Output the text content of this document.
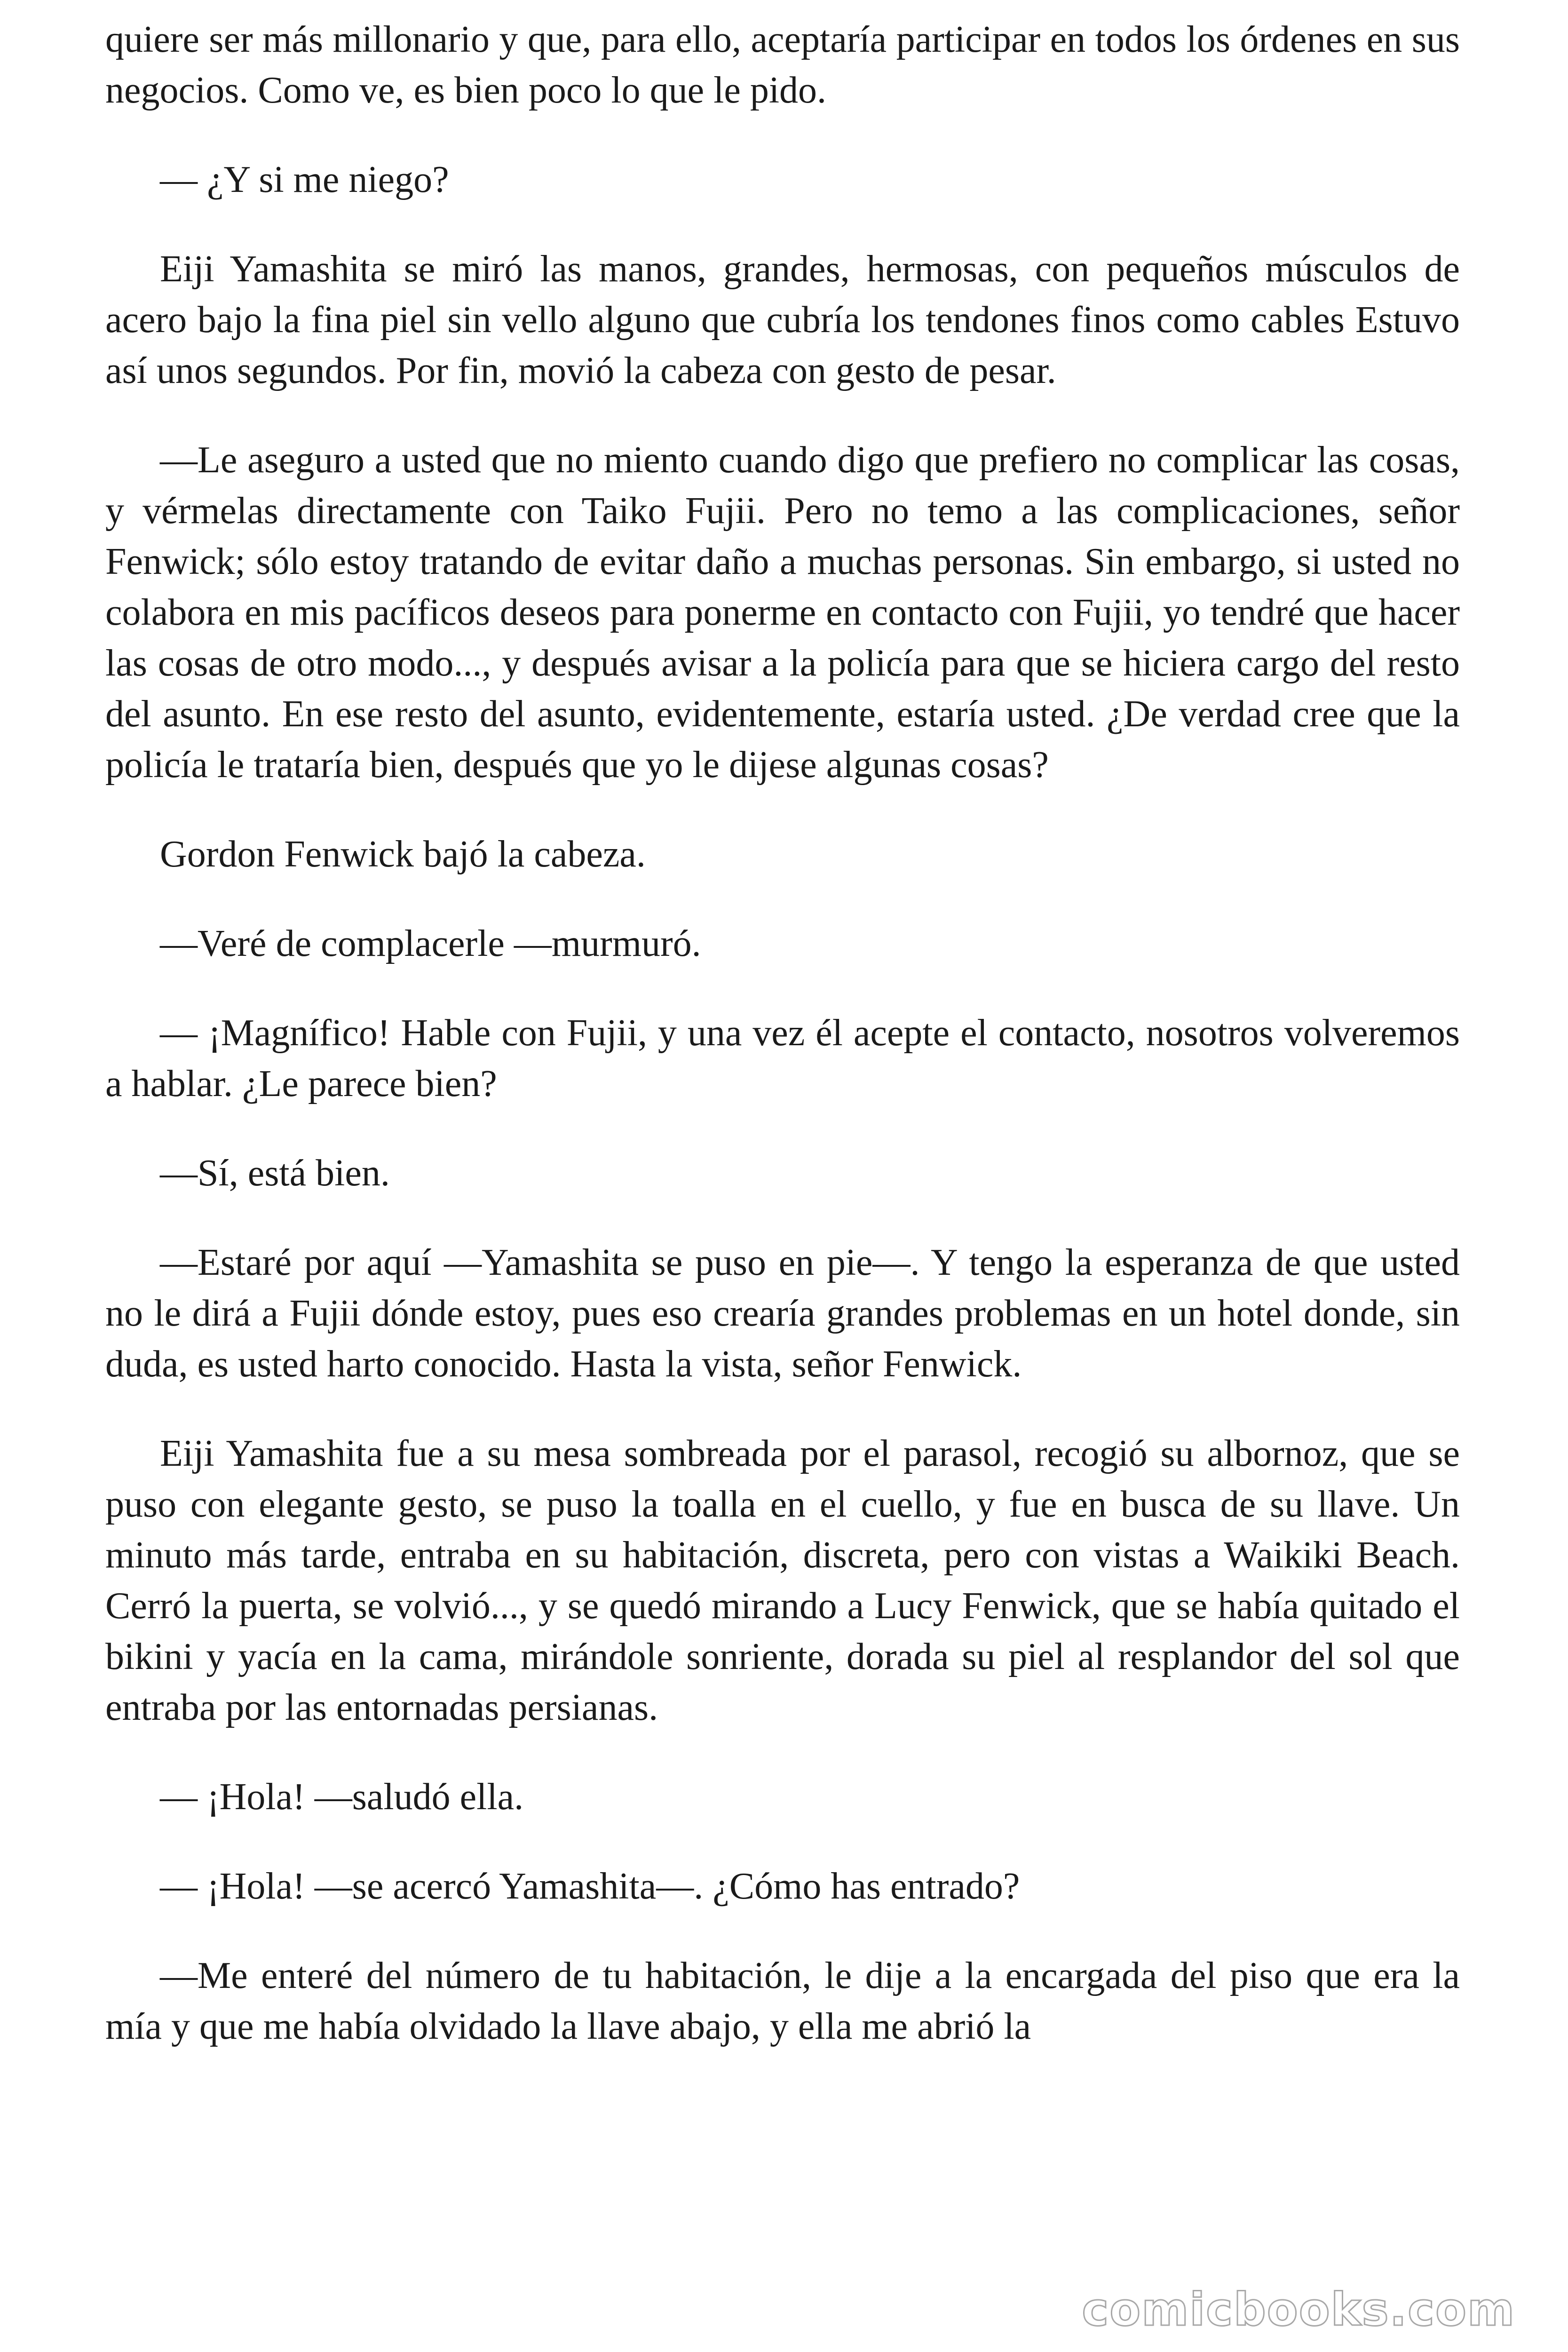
quiere ser más millonario y que, para ello, aceptaría participar en todos los órdenes en sus negocios. Como ve, es bien poco lo que le pido.

— ¿Y si me niego?

Eiji Yamashita se miró las manos, grandes, hermosas, con pequeños músculos de acero bajo la fina piel sin vello alguno que cubría los tendones finos como cables Estuvo así unos segundos. Por fin, movió la cabeza con gesto de pesar.

—Le aseguro a usted que no miento cuando digo que prefiero no complicar las cosas, y vérmelas directamente con Taiko Fujii. Pero no temo a las complicaciones, señor Fenwick; sólo estoy tratando de evitar daño a muchas personas. Sin embargo, si usted no colabora en mis pacíficos deseos para ponerme en contacto con Fujii, yo tendré que hacer las cosas de otro modo..., y después avisar a la policía para que se hiciera cargo del resto del asunto. En ese resto del asunto, evidentemente, estaría usted. ¿De verdad cree que la policía le trataría bien, después que yo le dijese algunas cosas?

Gordon Fenwick bajó la cabeza.

—Veré de complacerle —murmuró.

— ¡Magnífico! Hable con Fujii, y una vez él acepte el contacto, nosotros volveremos a hablar. ¿Le parece bien?

—Sí, está bien.

—Estaré por aquí —Yamashita se puso en pie—. Y tengo la esperanza de que usted no le dirá a Fujii dónde estoy, pues eso crearía grandes problemas en un hotel donde, sin duda, es usted harto conocido. Hasta la vista, señor Fenwick.

Eiji Yamashita fue a su mesa sombreada por el parasol, recogió su albornoz, que se puso con elegante gesto, se puso la toalla en el cuello, y fue en busca de su llave. Un minuto más tarde, entraba en su habitación, discreta, pero con vistas a Waikiki Beach. Cerró la puerta, se volvió..., y se quedó mirando a Lucy Fenwick, que se había quitado el bikini y yacía en la cama, mirándole sonriente, dorada su piel al resplandor del sol que entraba por las entornadas persianas.

— ¡Hola! —saludó ella.

— ¡Hola! —se acercó Yamashita—. ¿Cómo has entrado?

—Me enteré del número de tu habitación, le dije a la encargada del piso que era la mía y que me había olvidado la llave abajo, y ella me abrió la

comicbooks.com
